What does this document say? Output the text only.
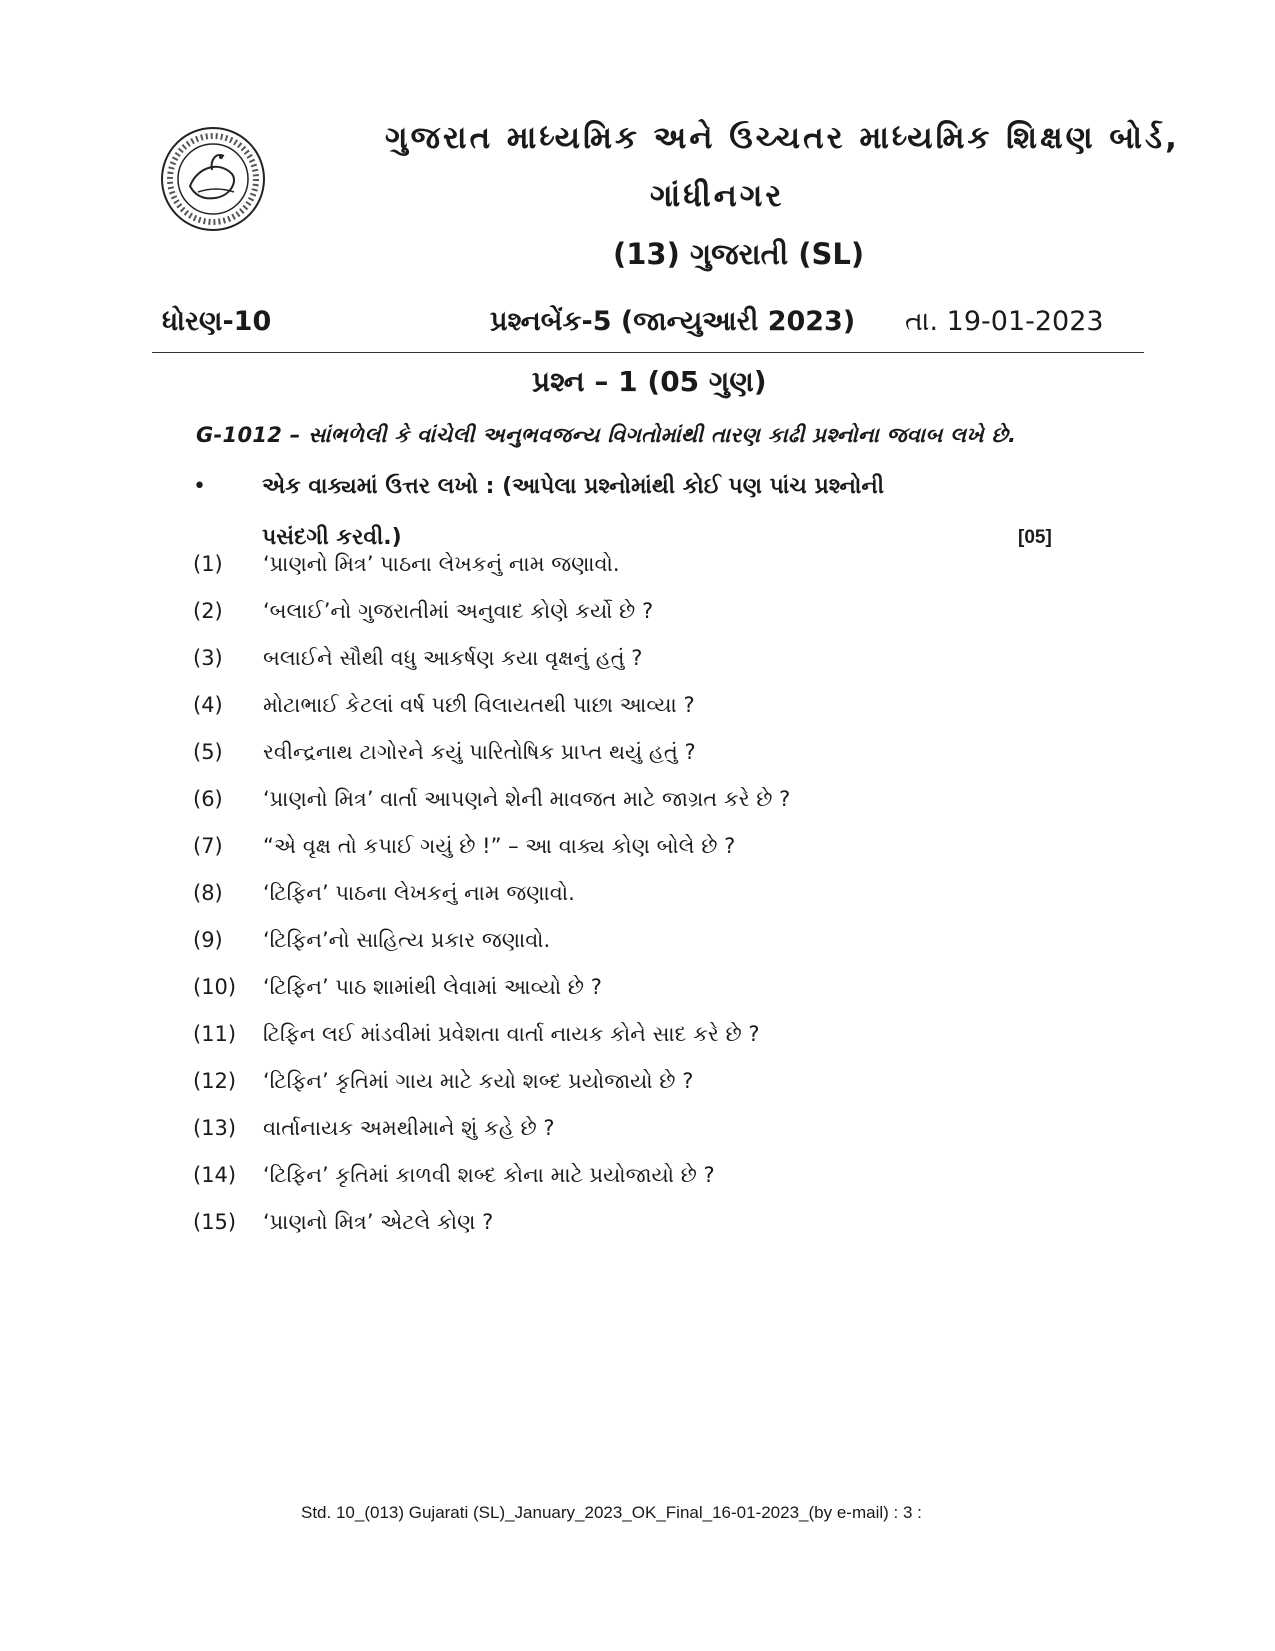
ગુજરાત માધ્યમિક અને ઉચ્ચતર માધ્યમિક શિક્ષણ બોર્ડ,
ગાંધીનગર
(13) ગુજરાતી (SL)
ધોરણ-10	પ્રશ્નબેંક-5 (જાન્યુઆરી 2023) તા. 19-01-2023
પ્રશ્ન – 1 (05 ગુણ)
G-1012 – સાંભળેલી કે વાંચેલી અનુભવજન્ય વિગતોમાંથી તારણ કાઢી પ્રશ્નોના જવાબ લખે છે.
•	એક વાક્યમાં ઉત્તર લખો : (આપેલા પ્રશ્નોમાંથી કોઈ પણ પાંચ પ્રશ્નોની
પસંદગી કરવી.)	[05]
(1) ‘પ્રાણનો મિત્ર’ પાઠના લેખકનું નામ જણાવો.
(2) ‘બલાઈ’નો ગુજરાતીમાં અનુવાદ કોણે કર્યો છે ?
(3) બલાઈને સૌથી વધુ આકર્ષણ કયા વૃક્ષનું હતું ?
(4) મોટાભાઈ કેટલાં વર્ષ પછી વિલાયતથી પાછા આવ્યા ?
(5) રવીન્દ્રનાથ ટાગોરને કયું પારિતોષિક પ્રાપ્ત થયું હતું ?
(6) ‘પ્રાણનો મિત્ર’ વાર્તા આપણને શેની માવજત માટે જાગ્રત કરે છે ?
(7) “એ વૃક્ષ તો કપાઈ ગયું છે !” – આ વાક્ય કોણ બોલે છે ?
(8) ‘ટિફિન’ પાઠના લેખકનું નામ જણાવો.
(9) ‘ટિફિન’નો સાહિત્ય પ્રકાર જણાવો.
(10) ‘ટિફિન’ પાઠ શામાંથી લેવામાં આવ્યો છે ?
(11) ટિફિન લઈ માંડવીમાં પ્રવેશતા વાર્તા નાયક કોને સાદ કરે છે ?
(12) ‘ટિફિન’ કૃતિમાં ગાય માટે કયો શબ્દ પ્રયોજાયો છે ?
(13) વાર્તાનાયક અમથીમાને શું કહે છે ?
(14) ‘ટિફિન’ કૃતિમાં કાળવી શબ્દ કોના માટે પ્રયોજાયો છે ?
(15) ‘પ્રાણનો મિત્ર’ એટલે કોણ ?
Std. 10_(013) Gujarati (SL)_January_2023_OK_Final_16-01-2023_(by e-mail) : 3 :
